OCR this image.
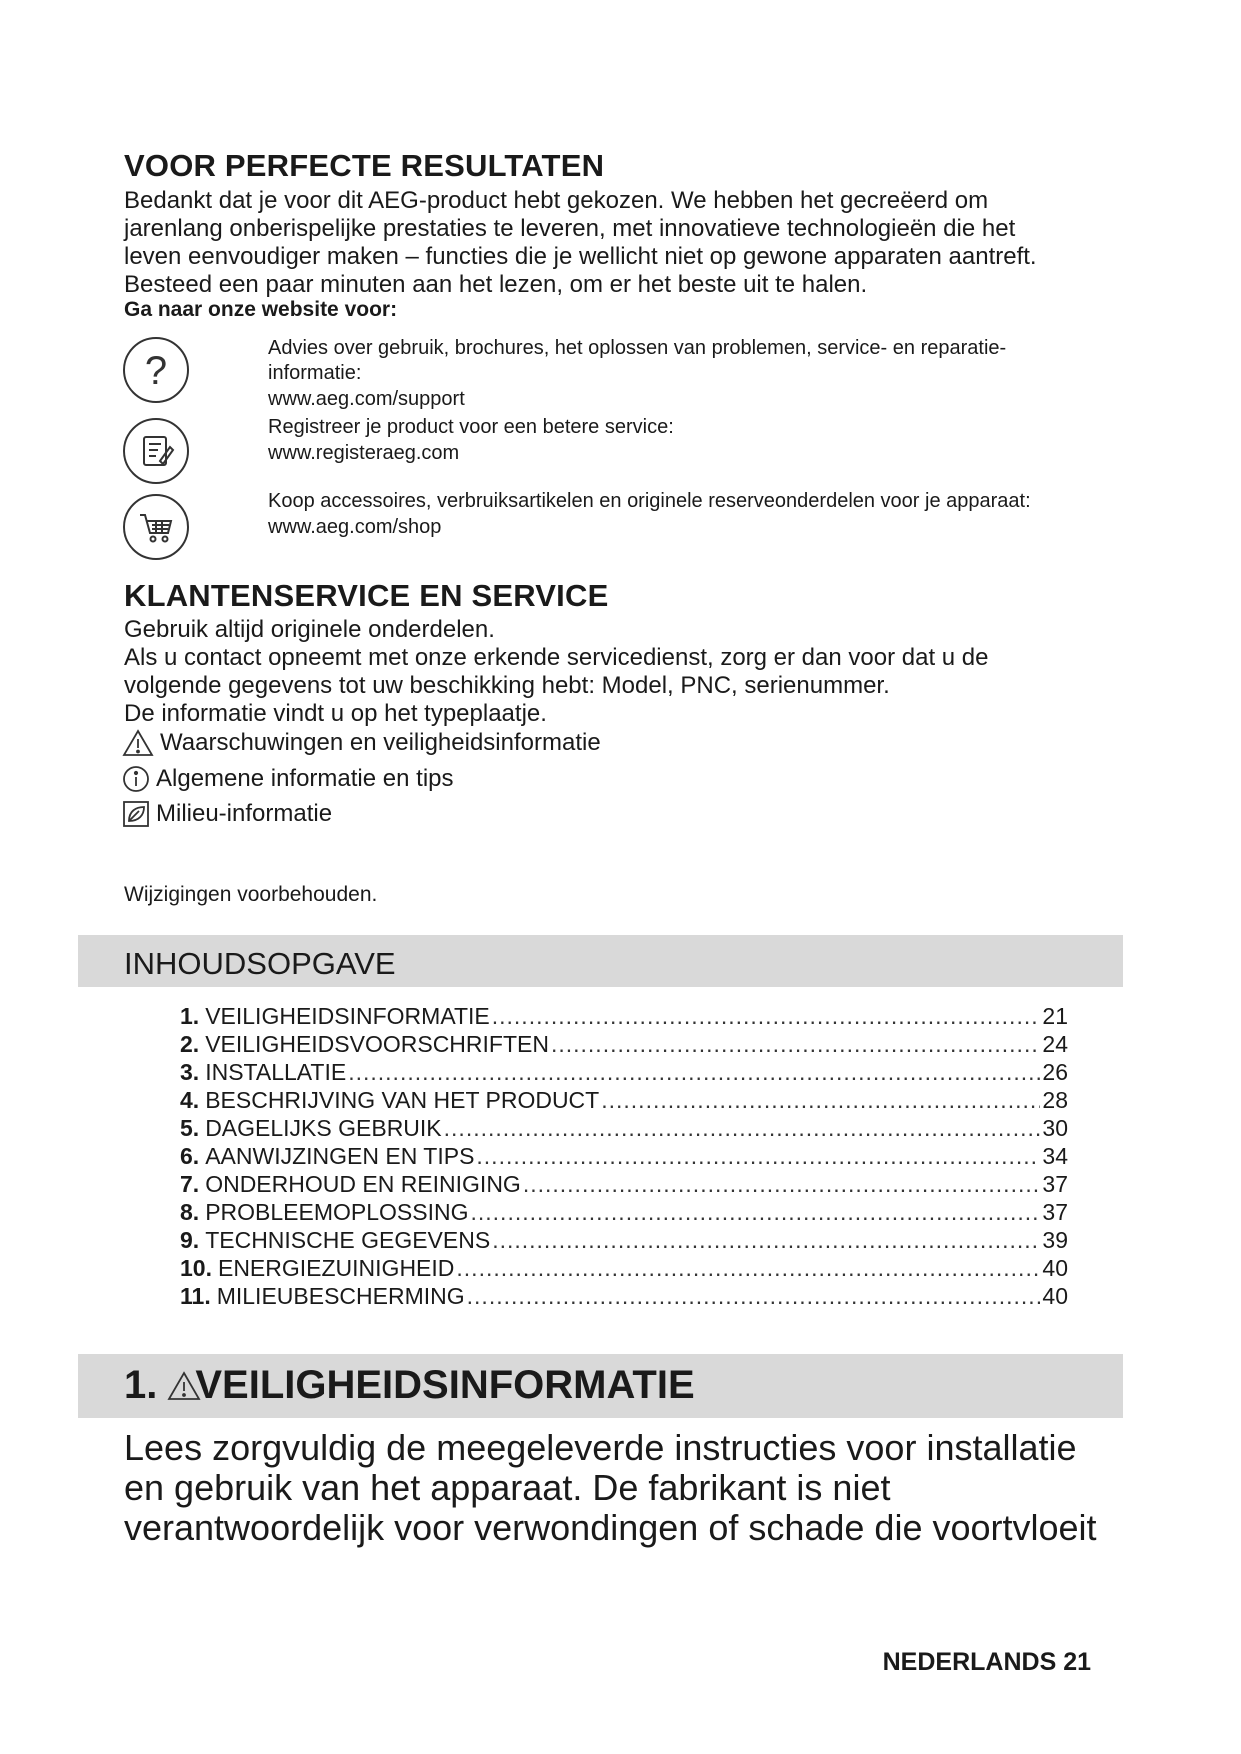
VOOR PERFECTE RESULTATEN

Bedankt dat je voor dit AEG-product hebt gekozen. We hebben het gecreëerd om

jarenlang onberispelijke prestaties te leveren, met innovatieve technologieën die het

leven eenvoudiger maken – functies die je wellicht niet op gewone apparaten aantreft.

Besteed een paar minuten aan het lezen, om er het beste uit te halen.

Ga naar onze website voor:
?
Advies over gebruik, brochures, het oplossen van problemen, service- en reparatie-
informatie:
www.aeg.com/support
Registreer je product voor een betere service:
www.registeraeg.com
Koop accessoires, verbruiksartikelen en originele reserveonderdelen voor je apparaat:
www.aeg.com/shop
KLANTENSERVICE EN SERVICE

Gebruik altijd originele onderdelen.

Als u contact opneemt met onze erkende servicedienst, zorg er dan voor dat u de

volgende gegevens tot uw beschikking hebt: Model, PNC, serienummer.

De informatie vindt u op het typeplaatje.

Waarschuwingen en veiligheidsinformatie
Algemene informatie en tips
Milieu-informatie
Wijzigingen voorbehouden.
INHOUDSOPGAVE
1. VEILIGHEIDSINFORMATIE .....	21
2. VEILIGHEIDSVOORSCHRIFTEN .....	24
3. INSTALLATIE .....	26
4. BESCHRIJVING VAN HET PRODUCT .....	28
5. DAGELIJKS GEBRUIK .....	30
6. AANWIJZINGEN EN TIPS .....	34
7. ONDERHOUD EN REINIGING .....	37
8. PROBLEEMOPLOSSING .....	37
9. TECHNISCHE GEGEVENS .....	39
10. ENERGIEZUINIGHEID .....	40
11. MILIEUBESCHERMING .....	40
1. VEILIGHEIDSINFORMATIE
Lees zorgvuldig de meegeleverde instructies voor installatie
en gebruik van het apparaat. De fabrikant is niet
verantwoordelijk voor verwondingen of schade die voortvloeit
NEDERLANDS 21
